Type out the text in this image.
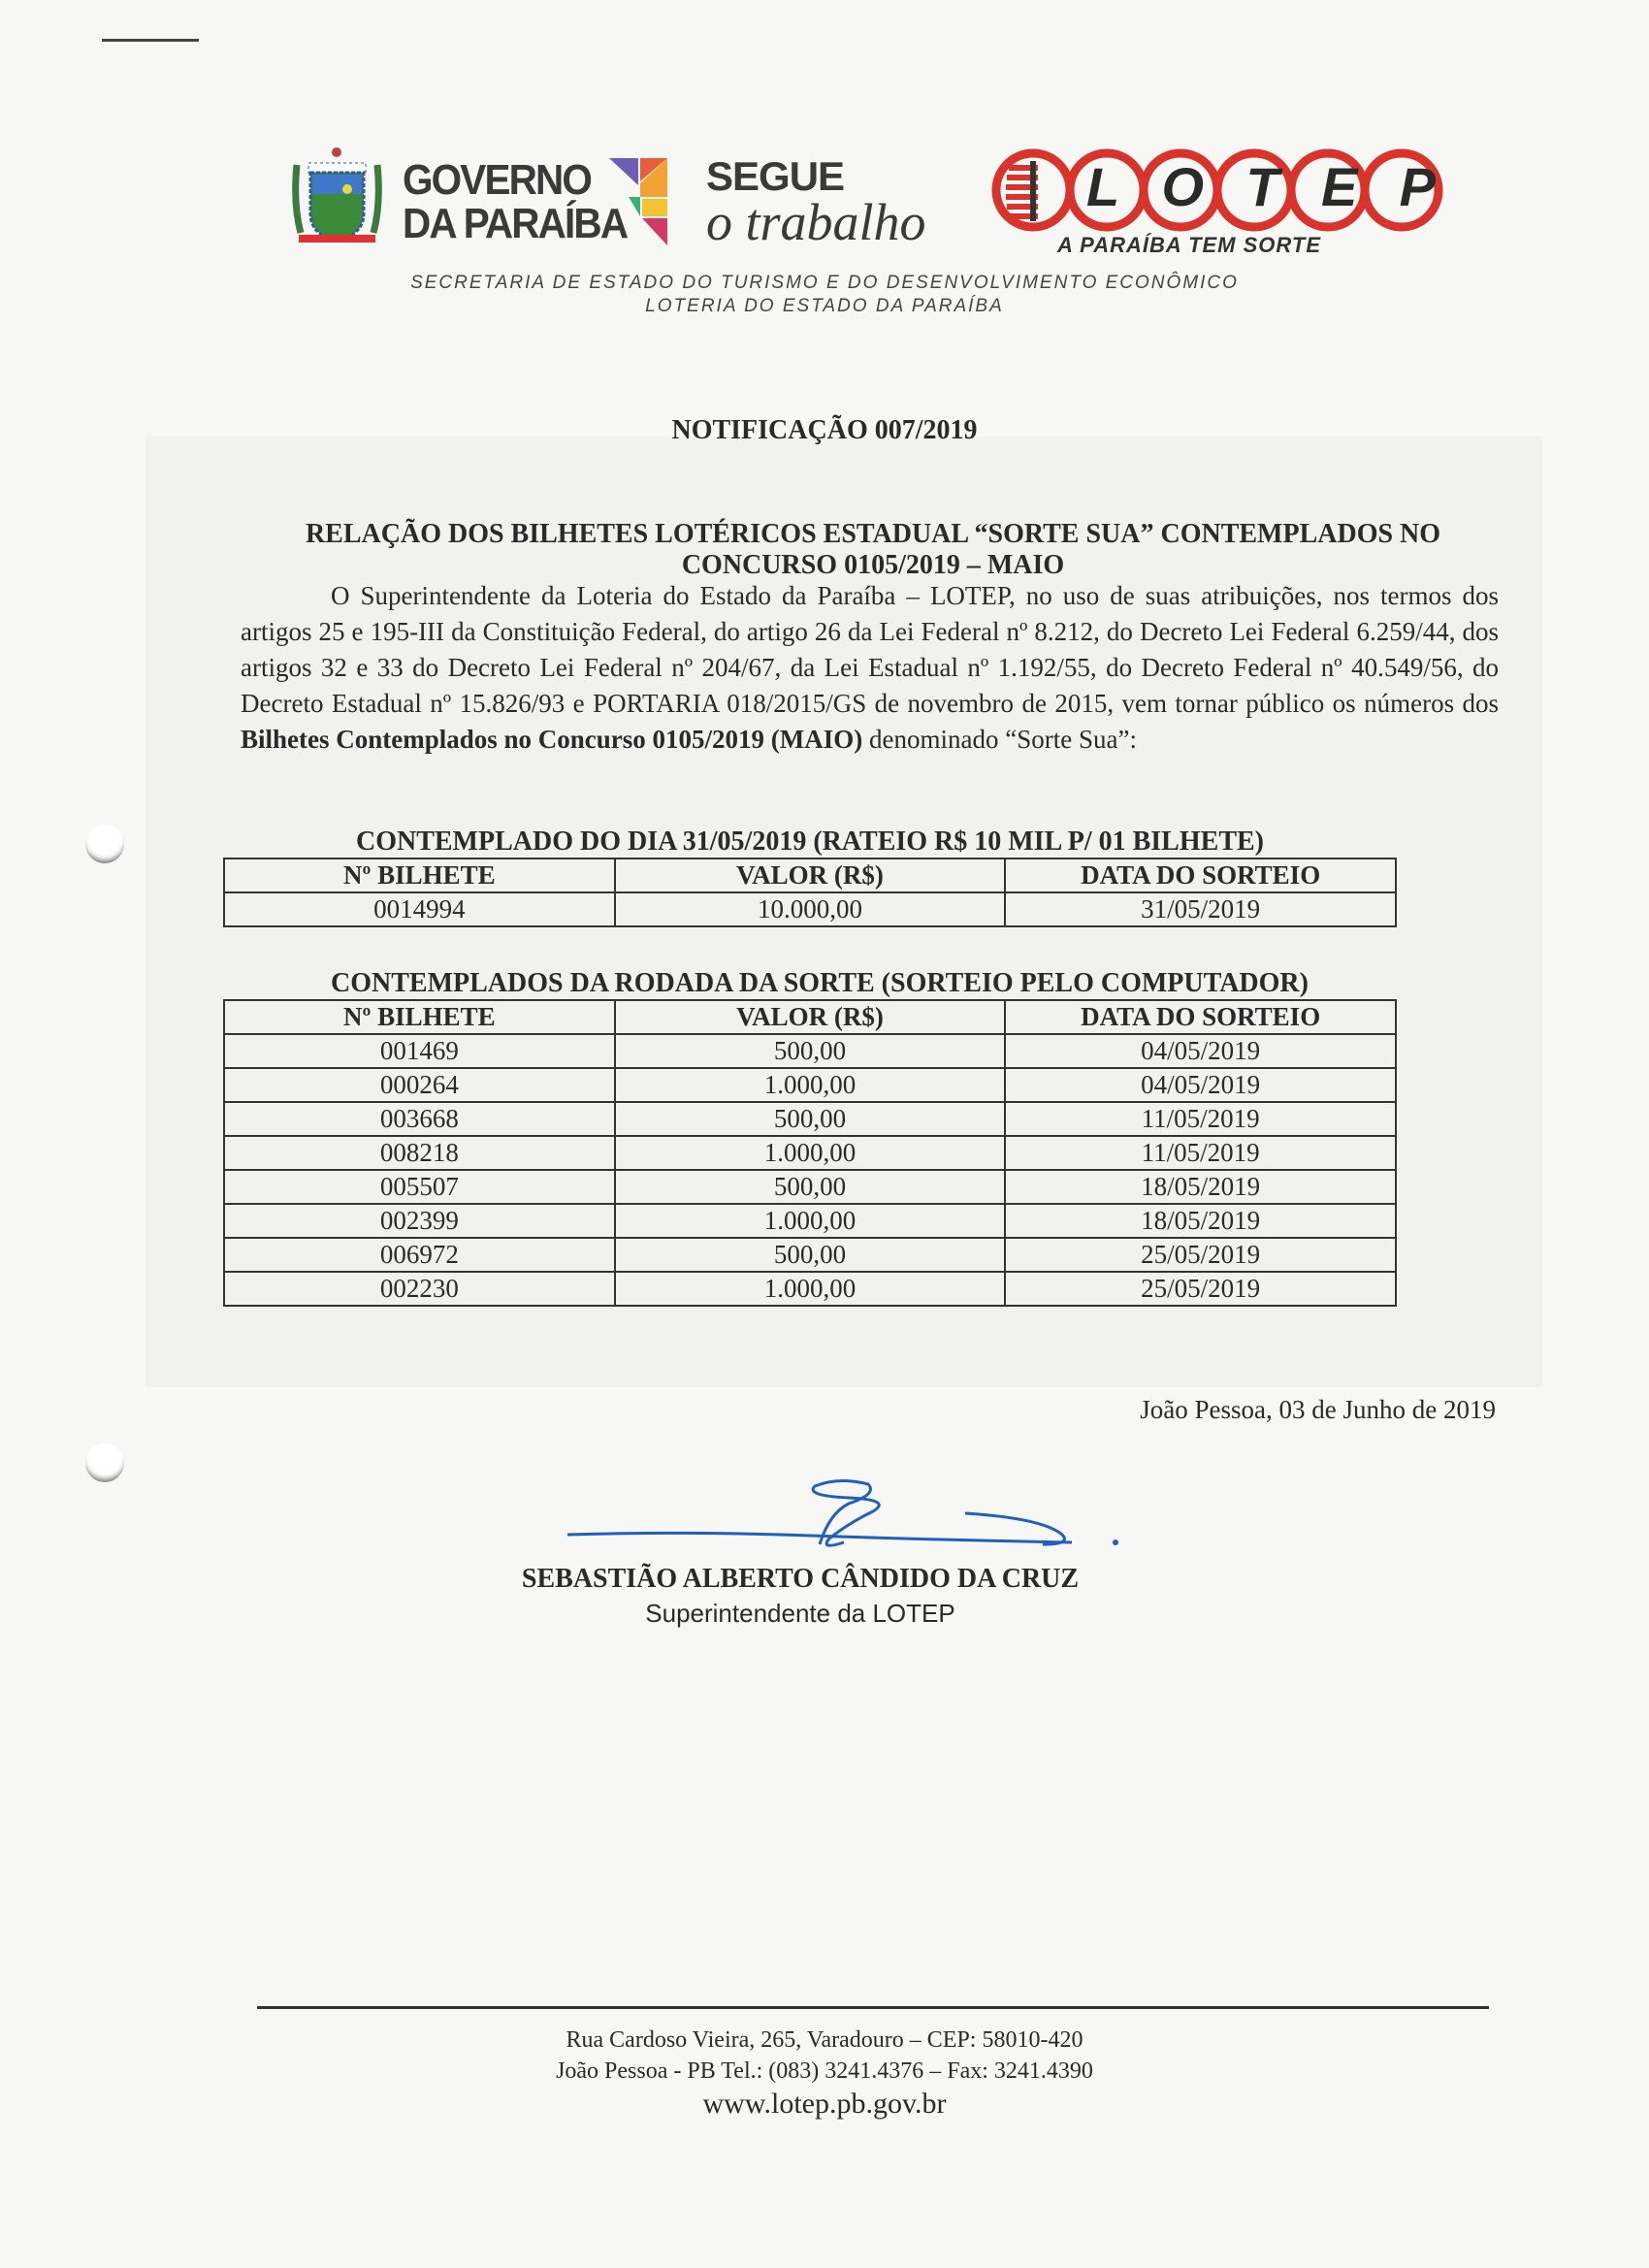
GOVERNO
DA PARAÍBA
SEGUE
o trabalho
L O T E P
A PARAÍBA TEM SORTE
SECRETARIA DE ESTADO DO TURISMO E DO DESENVOLVIMENTO ECONÔMICO
LOTERIA DO ESTADO DA PARAÍBA
NOTIFICAÇÃO 007/2019
RELAÇÃO DOS BILHETES LOTÉRICOS ESTADUAL “SORTE SUA” CONTEMPLADOS NO
CONCURSO 0105/2019 – MAIO

O Superintendente da Loteria do Estado da Paraíba – LOTEP, no uso de suas atribuições, nos termos dos artigos 25 e 195-III da Constituição Federal, do artigo 26 da Lei Federal nº 8.212, do Decreto Lei Federal 6.259/44, dos artigos 32 e 33 do Decreto Lei Federal nº 204/67, da Lei Estadual nº 1.192/55, do Decreto Federal nº 40.549/56, do Decreto Estadual nº 15.826/93 e PORTARIA 018/2015/GS de novembro de 2015, vem tornar público os números dos Bilhetes Contemplados no Concurso 0105/2019 (MAIO) denominado “Sorte Sua”:

CONTEMPLADO DO DIA 31/05/2019 (RATEIO R$ 10 MIL P/ 01 BILHETE)
Nº BILHETE	VALOR (R$)	DATA DO SORTEIO
0014994	10.000,00	31/05/2019
CONTEMPLADOS DA RODADA DA SORTE (SORTEIO PELO COMPUTADOR)
Nº BILHETE	VALOR (R$)	DATA DO SORTEIO
001469	500,00	04/05/2019
000264	1.000,00	04/05/2019
003668	500,00	11/05/2019
008218	1.000,00	11/05/2019
005507	500,00	18/05/2019
002399	1.000,00	18/05/2019
006972	500,00	25/05/2019
002230	1.000,00	25/05/2019
João Pessoa, 03 de Junho de 2019
SEBASTIÃO ALBERTO CÂNDIDO DA CRUZ
Superintendente da LOTEP
Rua Cardoso Vieira, 265, Varadouro – CEP: 58010-420
João Pessoa - PB Tel.: (083) 3241.4376 – Fax: 3241.4390
www.lotep.pb.gov.br
